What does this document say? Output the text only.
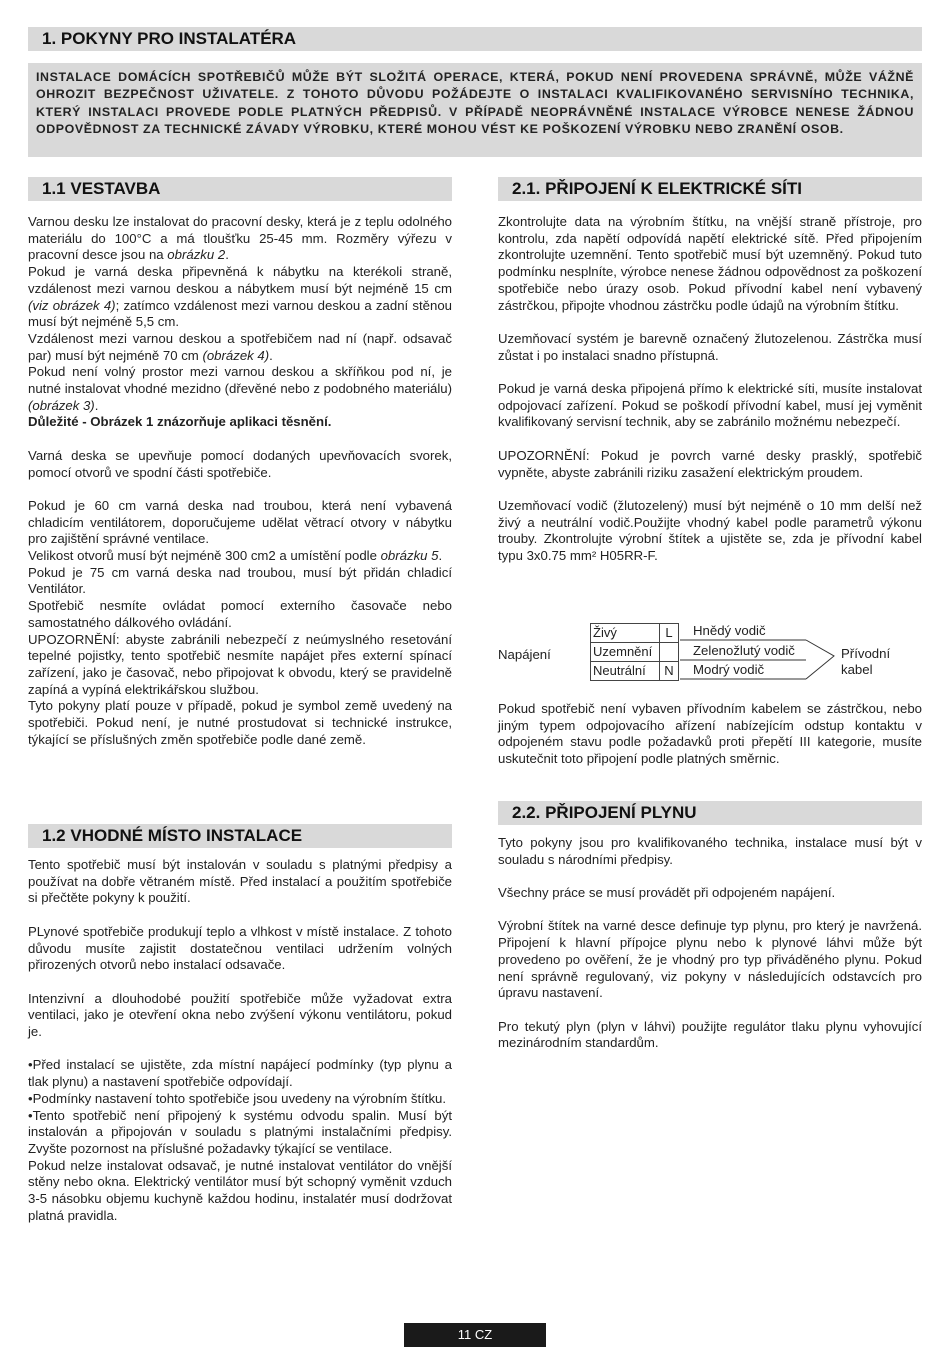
1. POKYNY PRO INSTALATÉRA
INSTALACE DOMÁCÍCH SPOTŘEBIČŮ MŮŽE BÝT SLOŽITÁ OPERACE, KTERÁ, POKUD NENÍ PROVEDENA SPRÁVNĚ, MŮŽE VÁŽNĚ OHROZIT BEZPEČNOST UŽIVATELE. Z TOHOTO DŮVODU POŽÁDEJTE O INSTALACI KVALIFIKOVANÉHO SERVISNÍHO TECHNIKA, KTERÝ INSTALACI PROVEDE PODLE PLATNÝCH PŘEDPISŮ. V PŘÍPADĚ NEOPRÁVNĚNÉ INSTALACE VÝROBCE NENESE ŽÁDNOU ODPOVĚDNOST ZA TECHNICKÉ ZÁVADY VÝROBKU, KTERÉ MOHOU VÉST KE POŠKOZENÍ VÝROBKU NEBO ZRANĚNÍ OSOB.
1.1 VESTAVBA

Varnou desku lze instalovat do pracovní desky, která je z teplu odolného materiálu do 100°C a má tloušťku 25-45 mm. Rozměry výřezu v pracovní desce jsou na obrázku 2.

Pokud je varná deska připevněná k nábytku na kterékoli straně, vzdálenost mezi varnou deskou a nábytkem musí být nejméně 15 cm (viz obrázek 4); zatímco vzdálenost mezi varnou deskou a zadní stěnou musí být nejméně 5,5 cm.

Vzdálenost mezi varnou deskou a spotřebičem nad ní (např. odsavač par) musí být nejméně 70 cm (obrázek 4).

Pokud není volný prostor mezi varnou deskou a skříňkou pod ní, je nutné instalovat vhodné mezidno (dřevěné nebo z podobného materiálu) (obrázek 3).

Důležité - Obrázek 1 znázorňuje aplikaci těsnění.

Varná deska se upevňuje pomocí dodaných upevňovacích svorek, pomocí otvorů ve spodní části spotřebiče.

Pokud je 60 cm varná deska nad troubou, která není vybavená chladicím ventilátorem, doporučujeme udělat větrací otvory v nábytku pro zajištění správné ventilace.

Velikost otvorů musí být nejméně 300 cm2 a umístění podle obrázku 5.

Pokud je 75 cm varná deska nad troubou, musí být přidán chladicí Ventilátor.

Spotřebič nesmíte ovládat pomocí externího časovače nebo samostatného dálkového ovládání.

UPOZORNĚNÍ: abyste zabránili nebezpečí z neúmyslného resetování tepelné pojistky, tento spotřebič nesmíte napájet přes externí spínací zařízení, jako je časovač, nebo připojovat k obvodu, který se pravidelně zapíná a vypíná elektrikářskou službou.

Tyto pokyny platí pouze v případě, pokud je symbol země uvedený na spotřebiči. Pokud není, je nutné prostudovat si technické instrukce, týkající se příslušných změn spotřebiče podle dané země.

1.2 VHODNÉ MÍSTO INSTALACE

Tento spotřebič musí být instalován v souladu s platnými předpisy a používat na dobře větraném místě. Před instalací a použitím spotřebiče si přečtěte pokyny k použití.

PLynové spotřebiče produkují teplo a vlhkost v místě instalace. Z tohoto důvodu musíte zajistit dostatečnou ventilaci udržením volných přirozených otvorů nebo instalací odsavače.

Intenzivní a dlouhodobé použití spotřebiče může vyžadovat extra ventilaci, jako je otevření okna nebo zvýšení výkonu ventilátoru, pokud je.

•Před instalací se ujistěte, zda místní napájecí podmínky (typ plynu a tlak plynu) a nastavení spotřebiče odpovídají.

•Podmínky nastavení tohto spotřebiče jsou uvedeny na výrobním štítku.

•Tento spotřebič není připojený k systému odvodu spalin. Musí být instalován a připojován v souladu s platnými instalačními předpisy. Zvyšte pozornost na příslušné požadavky týkající se ventilace.

Pokud nelze instalovat odsavač, je nutné instalovat ventilátor do vnější stěny nebo okna. Elektrický ventilátor musí být schopný vyměnit vzduch 3-5 násobku objemu kuchyně každou hodinu, instalatér musí dodržovat platná pravidla.

2.1. PŘIPOJENÍ K ELEKTRICKÉ SÍTI

Zkontrolujte data na výrobním štítku, na vnější straně přístroje, pro kontrolu, zda napětí odpovídá napětí elektrické sítě. Před připojením zkontrolujte uzemnění. Tento spotřebič musí být uzemněný. Pokud tuto podmínku nesplníte, výrobce nenese žádnou odpovědnost za poškození spotřebiče nebo úrazy osob. Pokud přívodní kabel není vybavený zástrčkou, připojte vhodnou zástrčku podle údajů na výrobním štítku.

Uzemňovací systém je barevně označený žlutozelenou. Zástrčka musí zůstat i po instalaci snadno přístupná.

Pokud je varná deska připojená přímo k elektrické síti, musíte instalovat odpojovací zařízení. Pokud se poškodí přívodní kabel, musí jej vyměnit kvalifikovaný servisní technik, aby se zabránilo možnému nebezpečí.

UPOZORNĚNÍ: Pokud je povrch varné desky prasklý, spotřebič vypněte, abyste zabránili riziku zasažení elektrickým proudem.

Uzemňovací vodič (žlutozelený) musí být nejméně o 10 mm delší než živý a neutrální vodič.Použijte vhodný kabel podle parametrů výkonu trouby. Zkontrolujte výrobní štítek a ujistěte se, zda je přívodní kabel typu 3x0.75 mm² H05RR-F.

Napájení
Živý	L
Uzemnění
Neutrální	N
Hnědý vodič
Zelenožlutý vodič
Modrý vodič
Přívodní
kabel

Pokud spotřebič není vybaven přívodním kabelem se zástrčkou, nebo jiným typem odpojovacího ařízení nabízejícím odstup kontaktu v odpojeném stavu podle požadavků proti přepětí III kategorie, musíte uskutečnit toto připojení podle platných směrnic.

2.2. PŘIPOJENÍ PLYNU

Tyto pokyny jsou pro kvalifikovaného technika, instalace musí být v souladu s národními předpisy.

Všechny práce se musí provádět při odpojeném napájení.

Výrobní štítek na varné desce definuje typ plynu, pro který je navržená. Připojení k hlavní přípojce plynu nebo k plynové láhvi může být provedeno po ověření, že je vhodný pro typ přiváděného plynu. Pokud není správně regulovaný, viz pokyny v následujících odstavcích pro úpravu nastavení.

Pro tekutý plyn (plyn v láhvi) použijte regulátor tlaku plynu vyhovující mezinárodním standardům.

11 CZ
